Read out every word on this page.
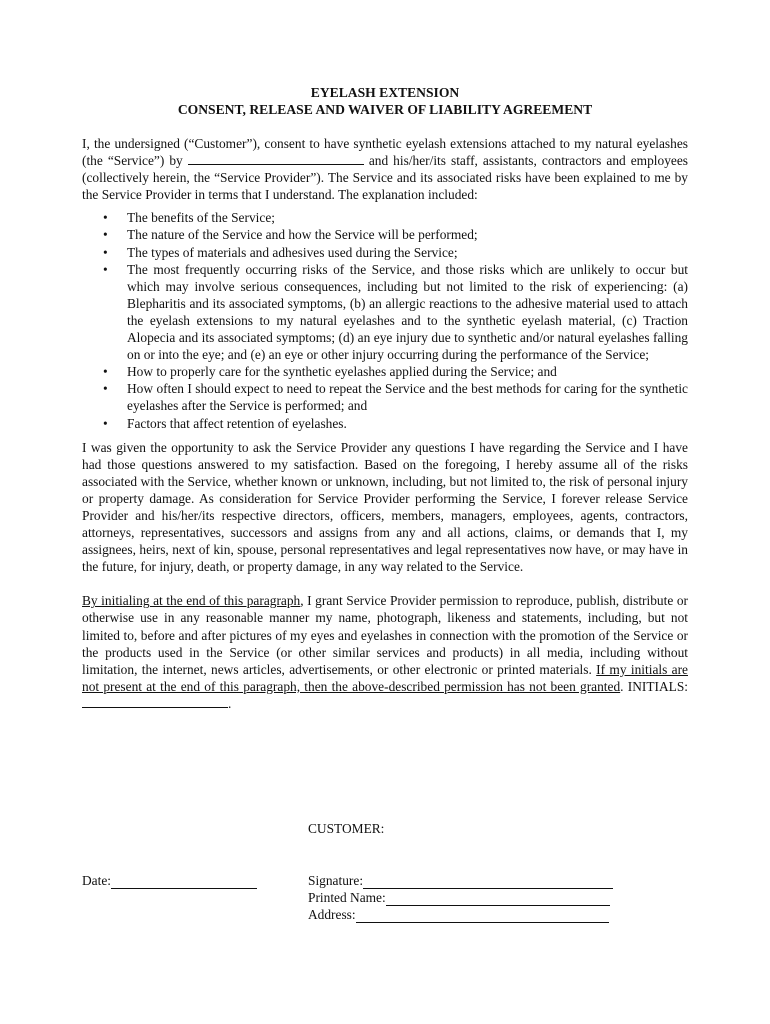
EYELASH EXTENSION

CONSENT, RELEASE AND WAIVER OF LIABILITY AGREEMENT

I, the undersigned (“Customer”), consent to have synthetic eyelash extensions attached to my natural eyelashes (the “Service”) by	and his/her/its staff, assistants, contractors and employees (collectively herein, the “Service Provider”). The Service and its associated risks have been explained to me by the Service Provider in terms that I understand. The explanation included:

• The benefits of the Service;
• The nature of the Service and how the Service will be performed;
• The types of materials and adhesives used during the Service;
• The most frequently occurring risks of the Service, and those risks which are unlikely to occur but which may involve serious consequences, including but not limited to the risk of experiencing: (a) Blepharitis and its associated symptoms, (b) an allergic reactions to the adhesive material used to attach the eyelash extensions to my natural eyelashes and to the synthetic eyelash material, (c) Traction Alopecia and its associated symptoms; (d) an eye injury due to synthetic and/or natural eyelashes falling on or into the eye; and (e) an eye or other injury occurring during the performance of the Service;
• How to properly care for the synthetic eyelashes applied during the Service; and
• How often I should expect to need to repeat the Service and the best methods for caring for the synthetic eyelashes after the Service is performed; and
• Factors that affect retention of eyelashes.

I was given the opportunity to ask the Service Provider any questions I have regarding the Service and I have had those questions answered to my satisfaction. Based on the foregoing, I hereby assume all of the risks associated with the Service, whether known or unknown, including, but not limited to, the risk of personal injury or property damage. As consideration for Service Provider performing the Service, I forever release Service Provider and his/her/its respective directors, officers, members, managers, employees, agents, contractors, attorneys, representatives, successors and assigns from any and all actions, claims, or demands that I, my assignees, heirs, next of kin, spouse, personal representatives and legal representatives now have, or may have in the future, for injury, death, or property damage, in any way related to the Service.

By initialing at the end of this paragraph, I grant Service Provider permission to reproduce, publish, distribute or otherwise use in any reasonable manner my name, photograph, likeness and statements, including, but not limited to, before and after pictures of my eyes and eyelashes in connection with the promotion of the Service or the products used in the Service (or other similar services and products) in all media, including without limitation, the internet, news articles, advertisements, or other electronic or printed materials. If my initials are not present at the end of this paragraph, then the above-described permission has not been granted. INITIALS: .

CUSTOMER:
Date:	Signature:
Printed Name:
Address:
